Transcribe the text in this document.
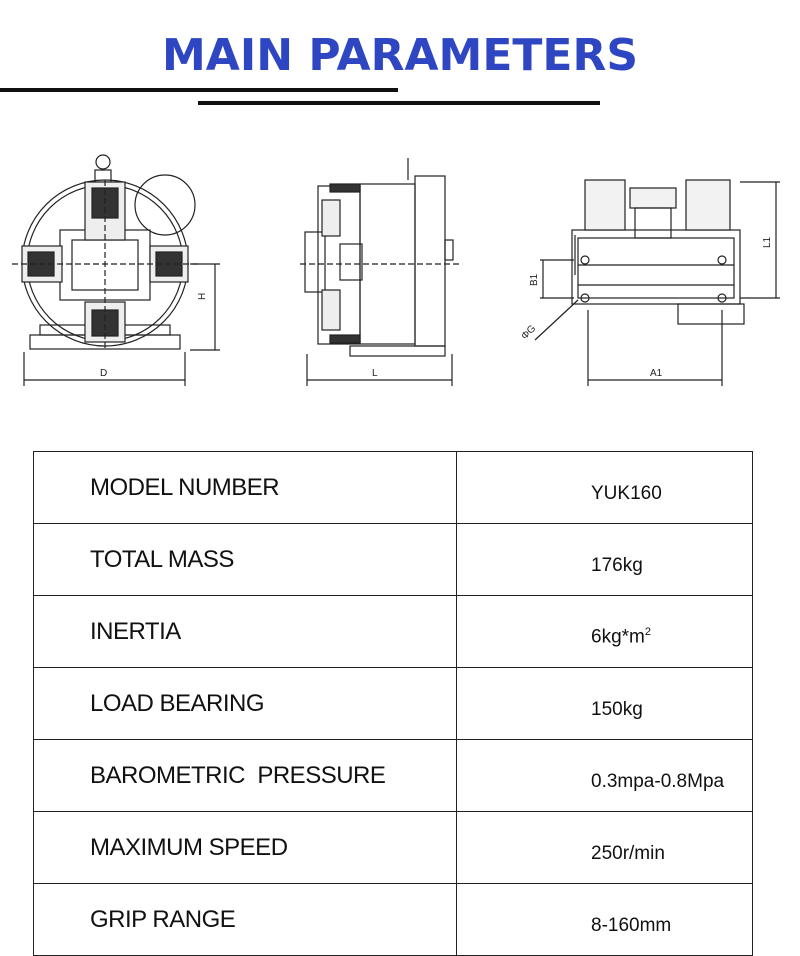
MAIN PARAMETERS
H
D	L
L1
B1
ΦG
A1
MODEL NUMBER	YUK160
TOTAL MASS	176kg
INERTIA	$6kg*m^2$
LOAD BEARING	150kg
BAROMETRIC  PRESSURE	0.3mpa-0.8Mpa
MAXIMUM SPEED	250r/min
GRIP RANGE	8-160mm
